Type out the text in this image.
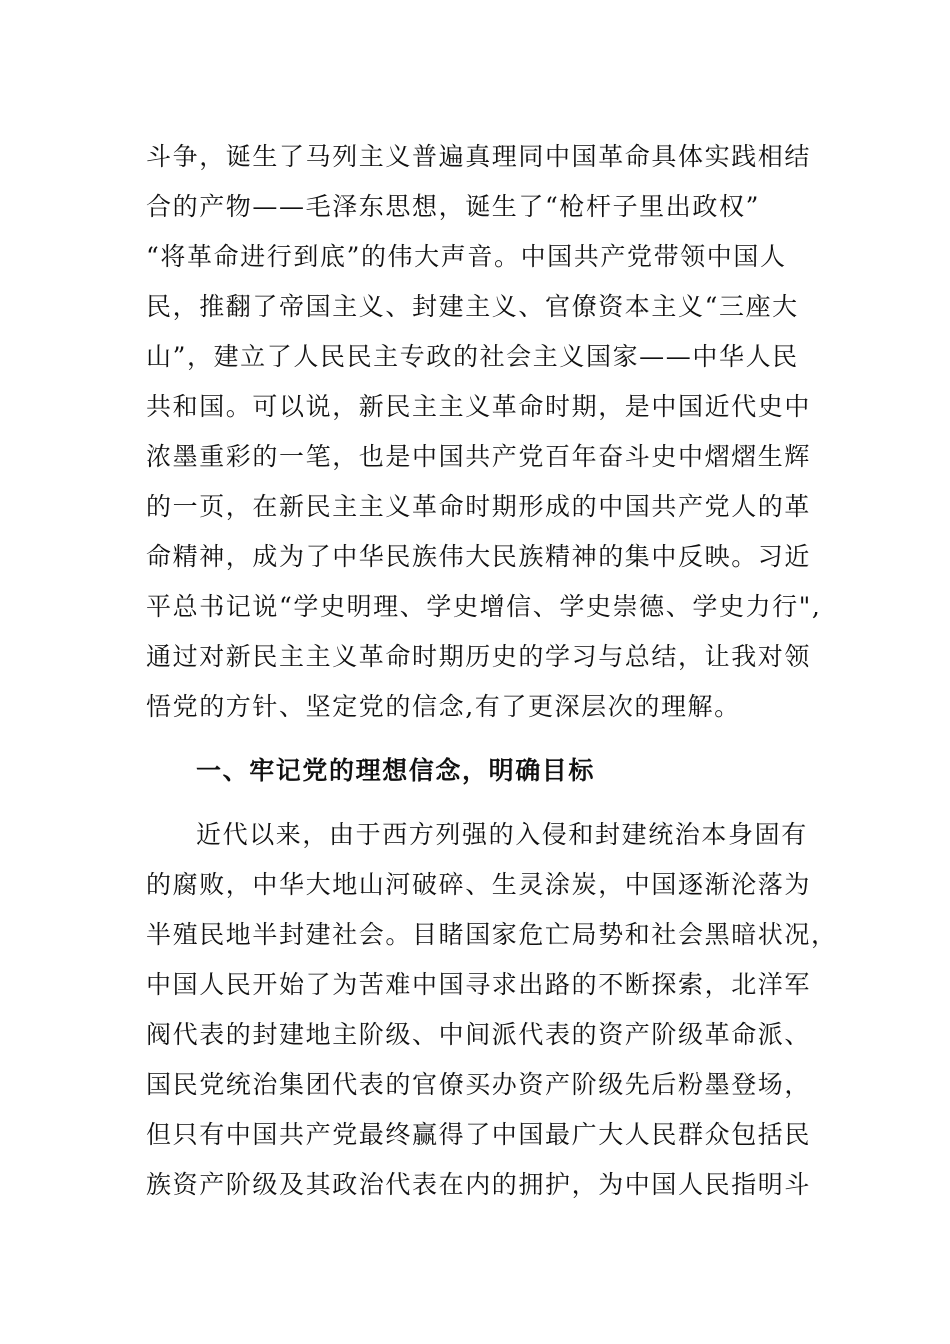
斗争，诞生了马列主义普遍真理同中国革命具体实践相结
合的产物——毛泽东思想，诞生了“枪杆子里出政权”
“将革命进行到底”的伟大声音。中国共产党带领中国人
民，推翻了帝国主义、封建主义、官僚资本主义“三座大
山”，建立了人民民主专政的社会主义国家——中华人民
共和国。可以说，新民主主义革命时期，是中国近代史中
浓墨重彩的一笔，也是中国共产党百年奋斗史中熠熠生辉
的一页，在新民主主义革命时期形成的中国共产党人的革
命精神，成为了中华民族伟大民族精神的集中反映。习近
平总书记说“学史明理、学史增信、学史崇德、学史力行",
通过对新民主主义革命时期历史的学习与总结，让我对领
悟党的方针、坚定党的信念,有了更深层次的理解。
一、牢记党的理想信念，明确目标
近代以来，由于西方列强的入侵和封建统治本身固有
的腐败，中华大地山河破碎、生灵涂炭，中国逐渐沦落为
半殖民地半封建社会。目睹国家危亡局势和社会黑暗状况，
中国人民开始了为苦难中国寻求出路的不断探索，北洋军
阀代表的封建地主阶级、中间派代表的资产阶级革命派、
国民党统治集团代表的官僚买办资产阶级先后粉墨登场，
但只有中国共产党最终赢得了中国最广大人民群众包括民
族资产阶级及其政治代表在内的拥护，为中国人民指明斗
